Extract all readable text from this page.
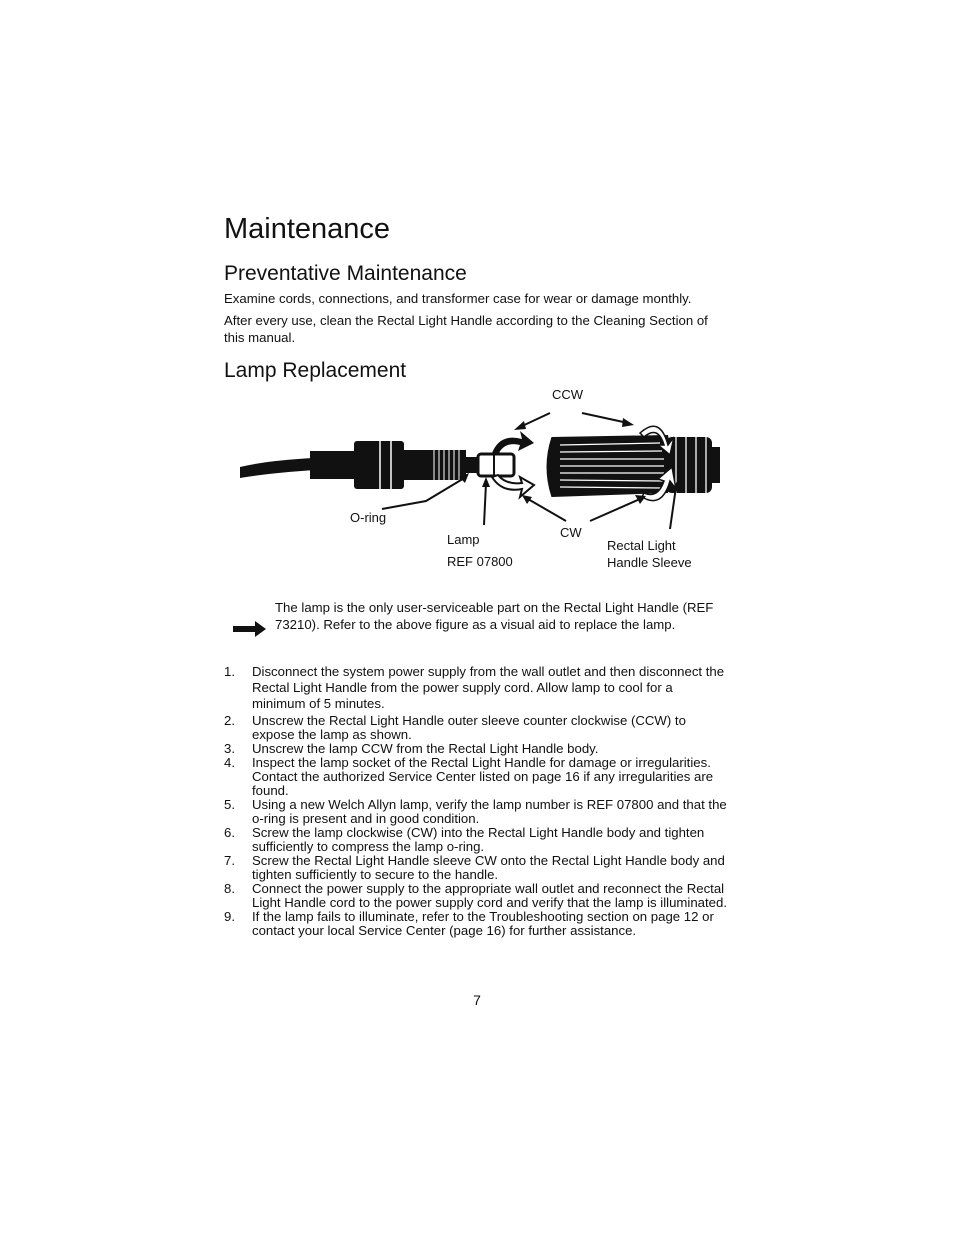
Maintenance
Preventative Maintenance

Examine cords, connections, and transformer case for wear or damage monthly.

After every use, clean the Rectal Light Handle according to the Cleaning Section of this manual.

Lamp Replacement
CCW
O-ring
CW
Lamp
REF 07800
Rectal Light
Handle Sleeve
The lamp is the only user-serviceable part on the Rectal Light Handle (REF 73210). Refer to the above figure as a visual aid to replace the lamp.
1. Disconnect the system power supply from the wall outlet and then disconnect the Rectal Light Handle from the power supply cord. Allow lamp to cool for a minimum of 5 minutes.
2. Unscrew the Rectal Light Handle outer sleeve counter clockwise (CCW) to expose the lamp as shown.
3. Unscrew the lamp CCW from the Rectal Light Handle body.
4. Inspect the lamp socket of the Rectal Light Handle for damage or irregularities. Contact the authorized Service Center listed on page 16 if any irregularities are found.
5. Using a new Welch Allyn lamp, verify the lamp number is REF 07800 and that the o-ring is present and in good condition.
6. Screw the lamp clockwise (CW) into the Rectal Light Handle body and tighten sufficiently to compress the lamp o-ring.
7. Screw the Rectal Light Handle sleeve CW onto the Rectal Light Handle body and tighten sufficiently to secure to the handle.
8. Connect the power supply to the appropriate wall outlet and reconnect the Rectal Light Handle cord to the power supply cord and verify that the lamp is illuminated.
9. If the lamp fails to illuminate, refer to the Troubleshooting section on page 12 or contact your local Service Center (page 16) for further assistance.
7
